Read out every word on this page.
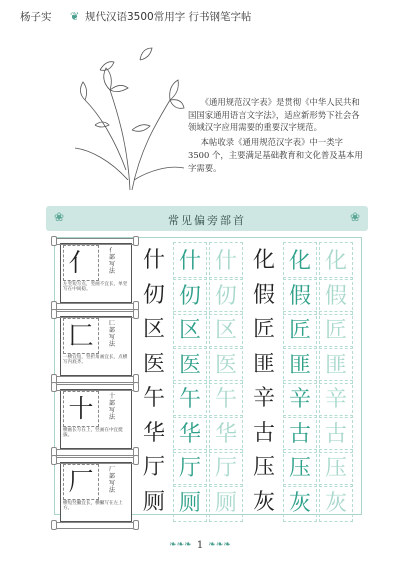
杨子实 ❦ 规代汉语3500常用字 行书钢笔字帖

《通用规范汉字表》是贯彻《中华人民共和国国家通用语言文字法》，适应新形势下社会各领域汉字应用需要的重要汉字规范。

本帖收录《通用规范汉字表》中一类字 3500 个，主要满足基础教育和文化普及基本用字需要。

❀	常见偏旁部首	❀
亻	亻部写法
左竖短写点，竖画不宜长，单竖写在中间稳。
匚	匚部写法
一横宜短，竖折角画宜长，点横写内底齐。
十	十部写法
横画长写在上，竖画在中宜挺拔。
厂	厂部写法
横短竖撇宜长，横撇写在左上方。
什 什 什 化 化 化
仞 仞 仞 假 假 假
区 区 区 匠 匠 匠
医 医 医 匪 匪 匪
午 午 午 辛 辛 辛
华 华 华 古 古 古
厅 厅 厅 压 压 压
厕 厕 厕 灰 灰 灰
❧❧❧ 1 ❧❧❧
